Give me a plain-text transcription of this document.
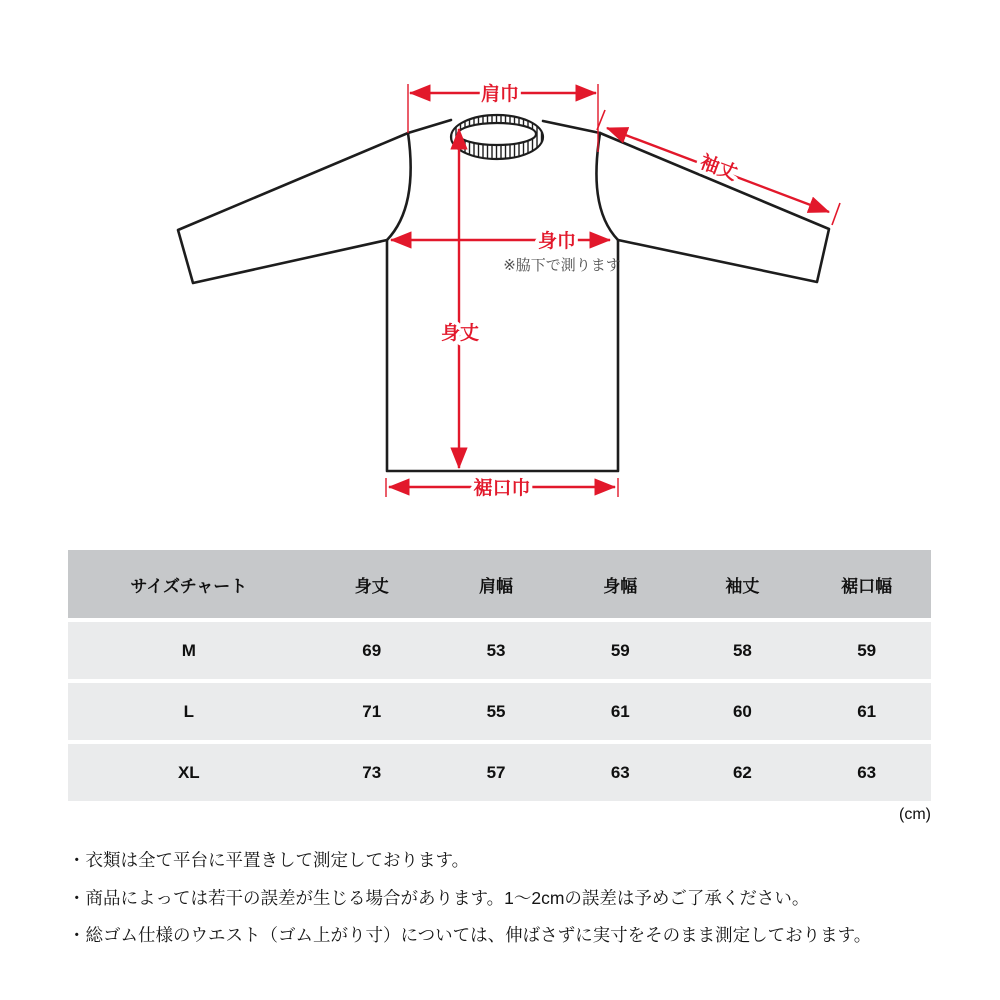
肩巾
袖丈
身巾
※脇下で測ります
身丈
裾口巾
サイズチャート	身丈	肩幅	身幅	袖丈	裾口幅
M	69	53	59	58	59
L	71	55	61	60	61
XL	73	57	63	62	63
(cm)
・衣類は全て平台に平置きして測定しております。
・商品によっては若干の誤差が生じる場合があります。1～2cmの誤差は予めご了承ください。
・総ゴム仕様のウエスト（ゴム上がり寸）については、伸ばさずに実寸をそのまま測定しております。
